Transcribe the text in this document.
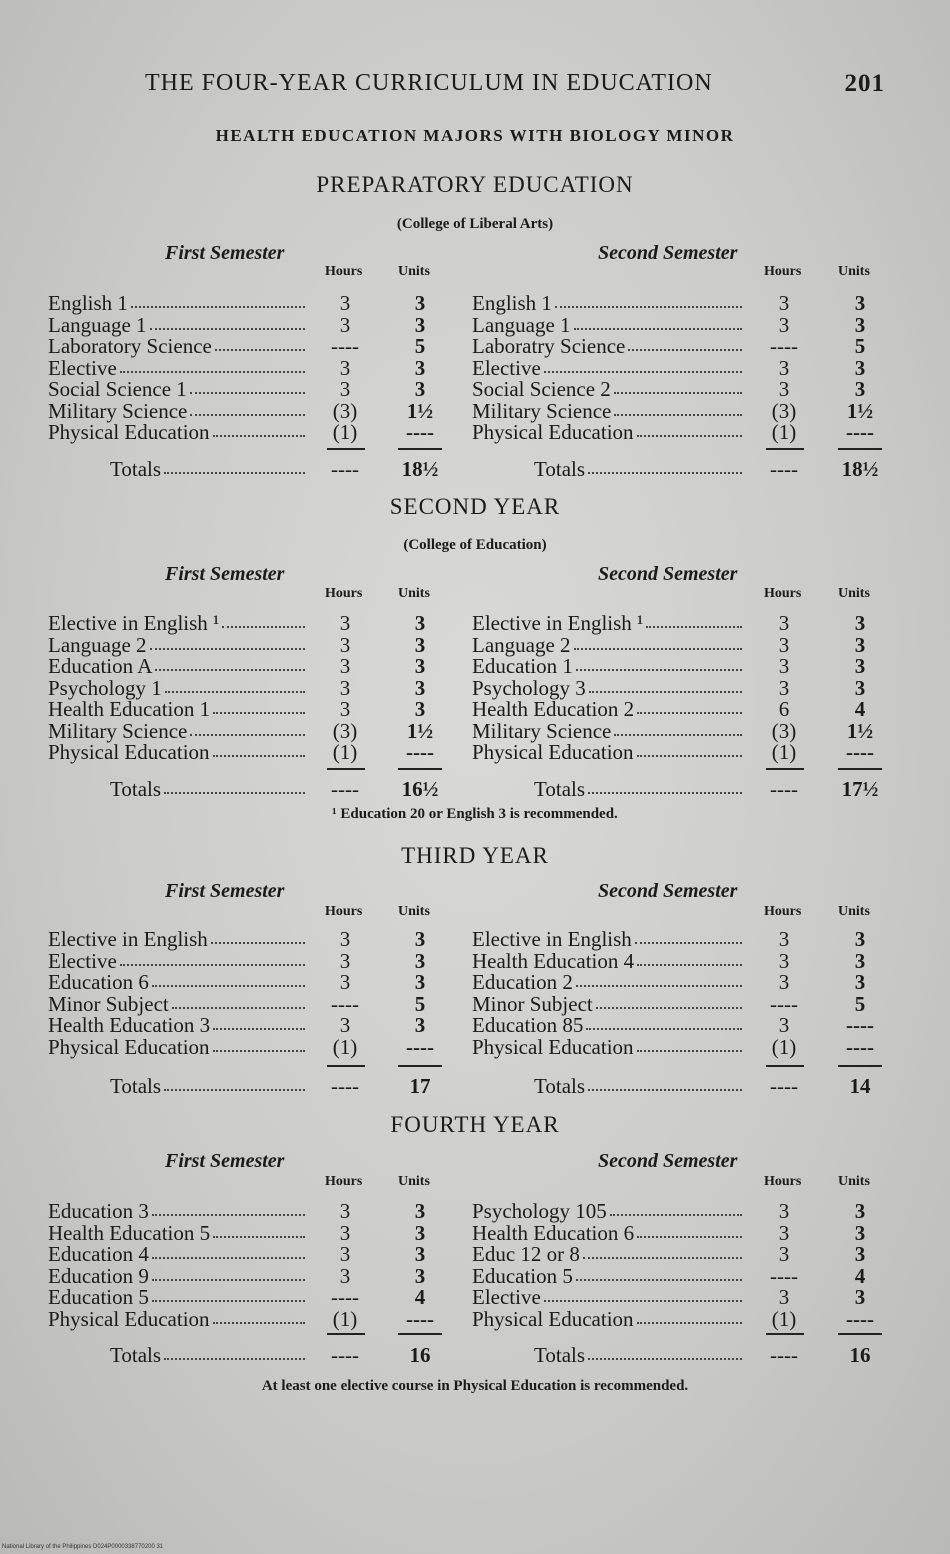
THE FOUR-YEAR CURRICULUM IN EDUCATION	201
HEALTH EDUCATION MAJORS WITH BIOLOGY MINOR
PREPARATORY EDUCATION
(College of Liberal Arts)
First Semester
Hours	Units
English 1	3	3
Language 1	3	3
Laboratory Science	----	5
Elective	3	3
Social Science 1	3	3
Military Science	(3)	1½
Physical Education	(1)	----
Totals	----	18½
Second Semester
Hours	Units
English 1	3	3
Language 1	3	3
Laboratry Science	----	5
Elective	3	3
Social Science 2	3	3
Military Science	(3)	1½
Physical Education	(1)	----
Totals	----	18½
SECOND YEAR
(College of Education)
First Semester
Hours	Units
Elective in English ¹	3	3
Language 2	3	3
Education A	3	3
Psychology 1	3	3
Health Education 1	3	3
Military Science	(3)	1½
Physical Education	(1)	----
Totals	----	16½
Second Semester
Hours	Units
Elective in English ¹	3	3
Language 2	3	3
Education 1	3	3
Psychology 3	3	3
Health Education 2	6	4
Military Science	(3)	1½
Physical Education	(1)	----
Totals	----	17½
¹ Education 20 or English 3 is recommended.
THIRD YEAR
First Semester
Hours	Units
Elective in English	3	3
Elective	3	3
Education 6	3	3
Minor Subject	----	5
Health Education 3	3	3
Physical Education	(1)	----
Totals	----	17
Second Semester
Hours	Units
Elective in English	3	3
Health Education 4	3	3
Education 2	3	3
Minor Subject	----	5
Education 85	3	----
Physical Education	(1)	----
Totals	----	14
FOURTH YEAR
First Semester
Hours	Units
Education 3	3	3
Health Education 5	3	3
Education 4	3	3
Education 9	3	3
Education 5	----	4
Physical Education	(1)	----
Totals	----	16
Second Semester
Hours	Units
Psychology 105	3	3
Health Education 6	3	3
Educ 12 or 8	3	3
Education 5	----	4
Elective	3	3
Physical Education	(1)	----
Totals	----	16
At least one elective course in Physical Education is recommended.
National Library of the Philippines D024P0000338770200 31
